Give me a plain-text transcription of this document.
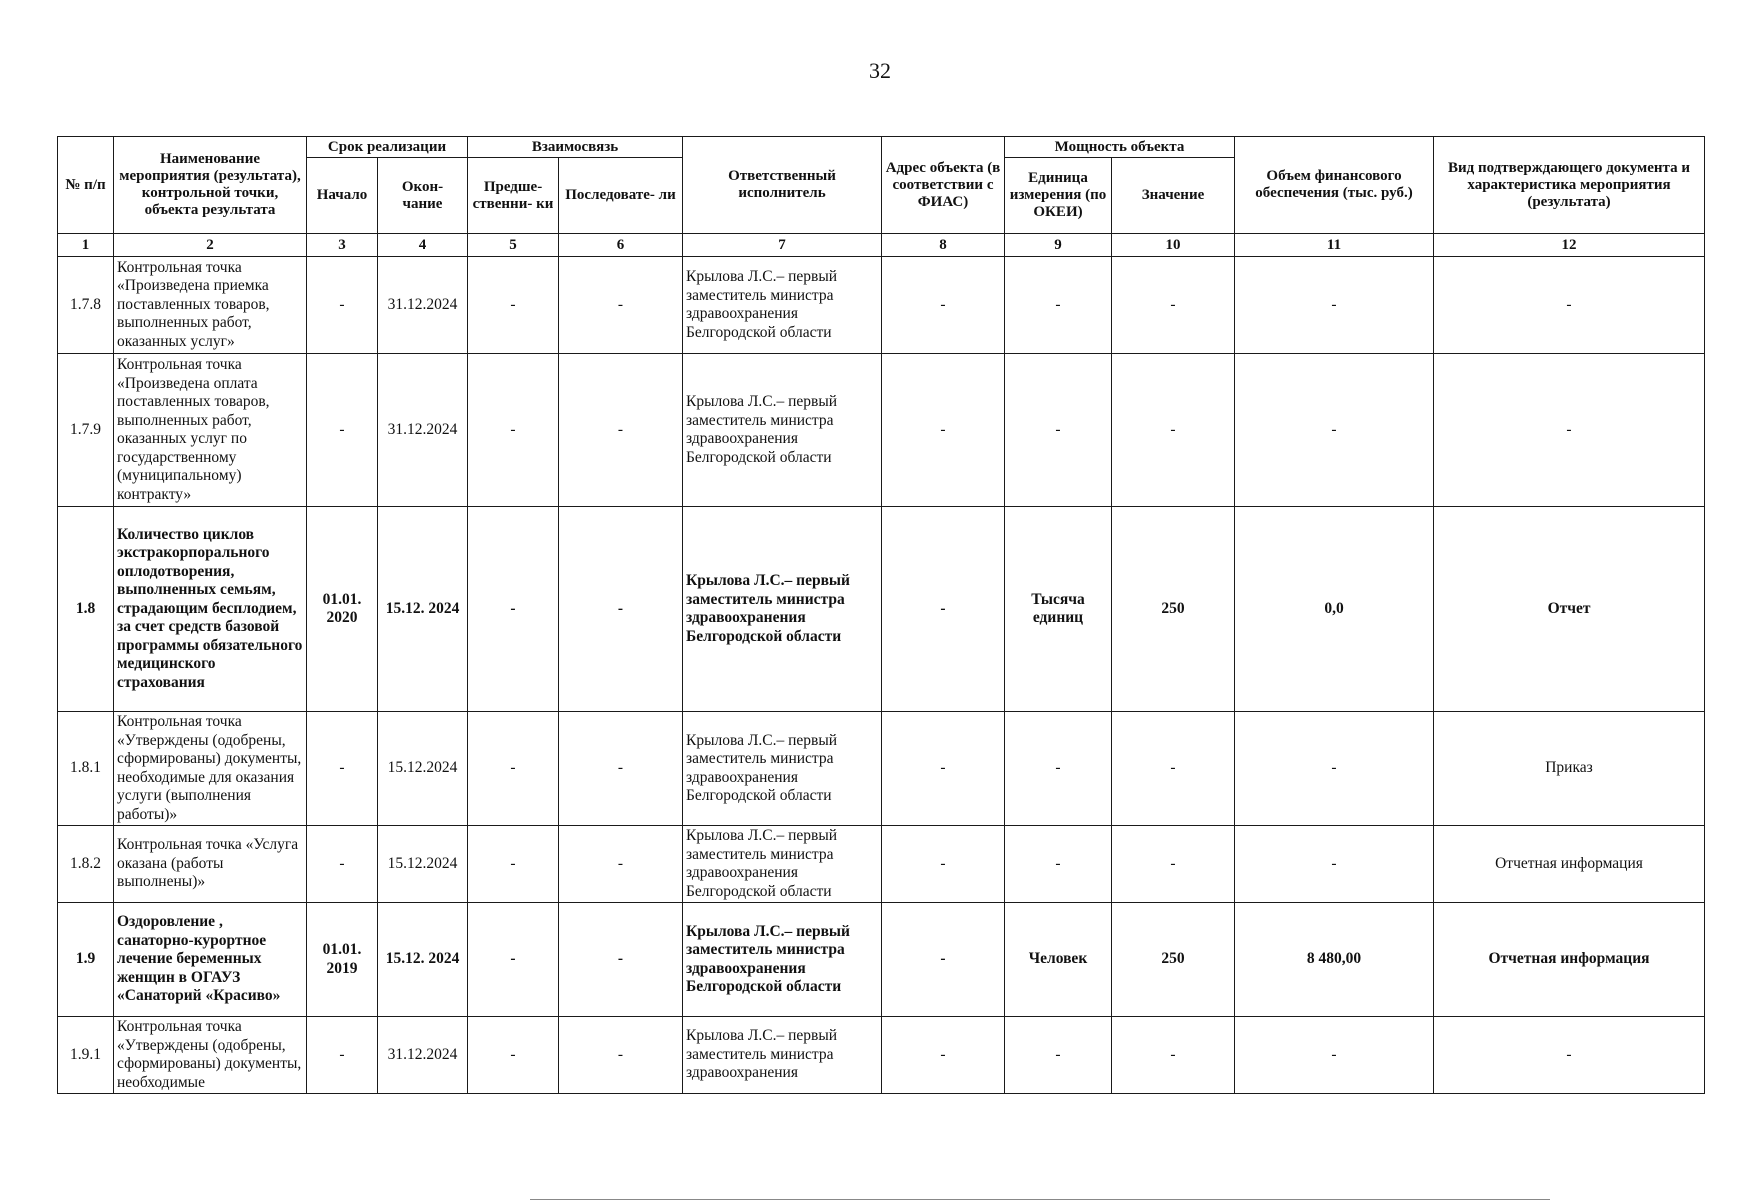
32
№ п/п	Наименование мероприятия (результата), контрольной точки, объекта результата	Срок реализации		Взаимосвязь		Ответственный исполнитель	Адрес объекта (в соответствии с ФИАС)	Мощность объекта		Объем финансового обеспечения (тыс. руб.)	Вид подтверждающего документа и характеристика мероприятия (результата)
		Начало	Окон- чание	Предше- ственни- ки	Последовате- ли			Единица измерения (по ОКЕИ)	Значение		
1	2	3	4	5	6	7	8	9	10	11	12
1.7.8	Контрольная точка «Произведена приемка поставленных товаров, выполненных работ, оказанных услуг»	-	31.12.2024	-	-	Крылова Л.С.– первый заместитель министра здравоохранения Белгородской области	-	-	-	-	-
1.7.9	Контрольная точка «Произведена оплата поставленных товаров, выполненных работ, оказанных услуг по государственному (муниципальному) контракту»	-	31.12.2024	-	-	Крылова Л.С.– первый заместитель министра здравоохранения Белгородской области	-	-	-	-	-
1.8	Количество циклов экстракорпорального оплодотворения, выполненных семьям, страдающим бесплодием, за счет средств базовой программы обязательного медицинского страхования	01.01. 2020	15.12. 2024	-	-	Крылова Л.С.– первый заместитель министра здравоохранения Белгородской области	-	Тысяча единиц	250	0,0	Отчет
1.8.1	Контрольная точка «Утверждены (одобрены, сформированы) документы, необходимые для оказания услуги (выполнения работы)»	-	15.12.2024	-	-	Крылова Л.С.– первый заместитель министра здравоохранения Белгородской области	-	-	-	-	Приказ
1.8.2	Контрольная точка «Услуга оказана (работы выполнены)»	-	15.12.2024	-	-	Крылова Л.С.– первый заместитель министра здравоохранения Белгородской области	-	-	-	-	Отчетная информация
1.9	Оздоровление , санаторно-курортное лечение беременных женщин в ОГАУЗ «Санаторий «Красиво»	01.01. 2019	15.12. 2024	-	-	Крылова Л.С.– первый заместитель министра здравоохранения Белгородской области	-	Человек	250	8 480,00	Отчетная информация
1.9.1	Контрольная точка «Утверждены (одобрены, сформированы) документы, необходимые	-	31.12.2024	-	-	Крылова Л.С.– первый заместитель министра здравоохранения	-	-	-	-	-
